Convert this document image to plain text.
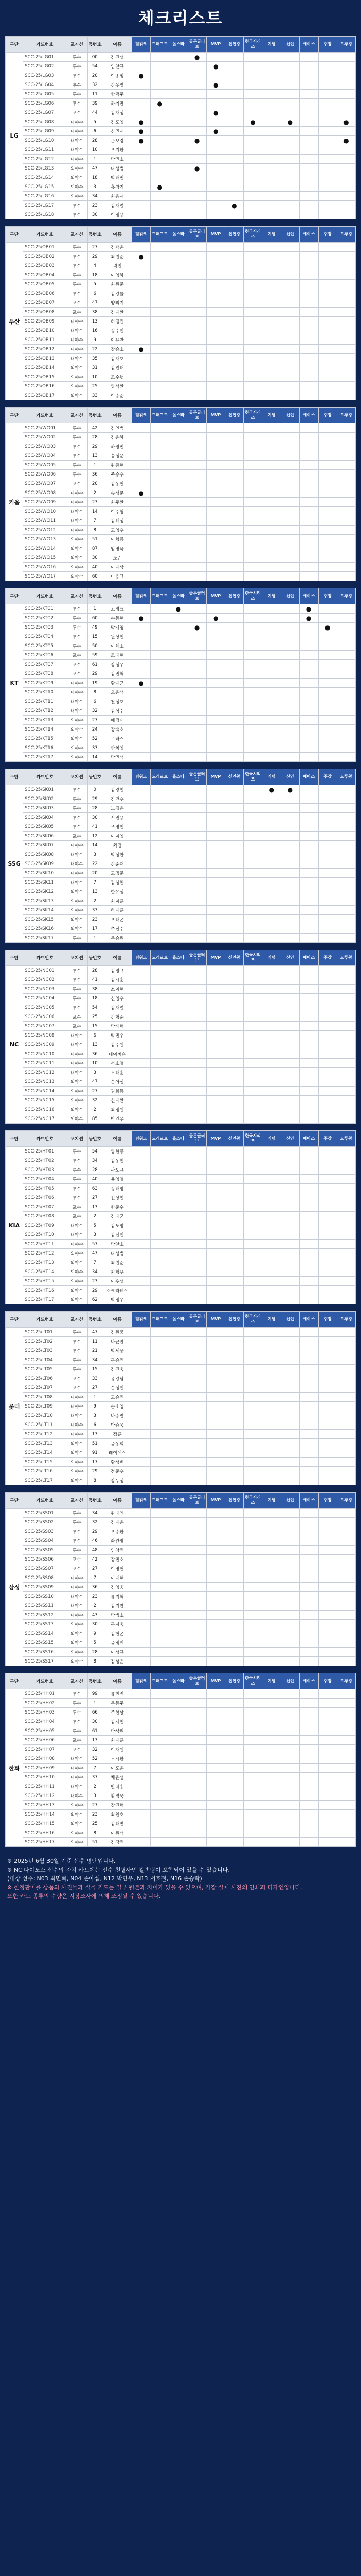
체크리스트
구단	카드번호	포지션	등번호	이름	팀워크	드래프트	올스타	골든글러브	MVP	신인왕	한국시리즈	기념	신인	에이스	주장	도루왕
LG	SCC-25/LG01	투수	00	김진성				●								
	SCC-25/LG02	투수	54	임찬규					●							
	SCC-25/LG03	투수	20	이종범	●											
	SCC-25/LG04	투수	32	정우영					●							
	SCC-25/LG05	투수	11	함덕주												
	SCC-25/LG06	투수	39	하지만		●										
	SCC-25/LG07	포수	44	김재성					●							
	SCC-25/LG08	내야수	5	김도영	●						●		●			●
	SCC-25/LG09	내야수	6	신민재	●				●							
	SCC-25/LG10	내야수	28	문보경	●			●								●
	SCC-25/LG11	내야수	10	오지환												
	SCC-25/LG12	내야수	1	박민호												
	SCC-25/LG13	외야수	47	나성범				●								
	SCC-25/LG14	외야수	18	박해민												
	SCC-25/LG15	외야수	3	홍창기		●										
	SCC-25/LG16	외야수	34	최용제												
	SCC-25/LG17	투수	23	김재열						●						
	SCC-25/LG18	투수	30	이정용												
구단	카드번호	포지션	등번호	이름	팀워크	드래프트	올스타	골든글러브	MVP	신인왕	한국시리즈	기념	신인	에이스	주장	도루왕
두산	SCC-25/OB01	투수	27	김택윤												
	SCC-25/OB02	투수	29	최원준	●											
	SCC-25/OB03	투수	4	곽빈												
	SCC-25/OB04	투수	18	이영하												
	SCC-25/OB05	투수	5	최원준												
	SCC-25/OB06	투수	6	김강률												
	SCC-25/OB07	포수	47	양의지												
	SCC-25/OB08	포수	38	김재환												
	SCC-25/OB09	내야수	13	허경민												
	SCC-25/OB10	내야수	16	정수빈												
	SCC-25/OB11	내야수	9	이유찬												
	SCC-25/OB12	내야수	22	강승호	●											
	SCC-25/OB13	내야수	35	김재호												
	SCC-25/OB14	외야수	31	김인태												
	SCC-25/OB15	외야수	10	조수행												
	SCC-25/OB16	외야수	25	양석환												
	SCC-25/OB17	외야수	33	이승준												
구단	카드번호	포지션	등번호	이름	팀워크	드래프트	올스타	골든글러브	MVP	신인왕	한국시리즈	기념	신인	에이스	주장	도루왕
키움	SCC-25/WO01	투수	42	김인범												
	SCC-25/WO02	투수	28	김윤하												
	SCC-25/WO03	투수	29	하영민												
	SCC-25/WO04	투수	13	송성문												
	SCC-25/WO05	투수	1	원종현												
	SCC-25/WO06	투수	36	주승우												
	SCC-25/WO07	포수	20	김동헌												
	SCC-25/WO08	내야수	2	송성문	●											
	SCC-25/WO09	내야수	23	최주환												
	SCC-25/WO10	내야수	14	이주형												
	SCC-25/WO11	내야수	7	김혜성												
	SCC-25/WO12	내야수	8	고영우												
	SCC-25/WO13	외야수	51	이형종												
	SCC-25/WO14	외야수	87	임병욱												
	SCC-25/WO15	외야수	30	도슨												
	SCC-25/WO16	외야수	40	이재상												
	SCC-25/WO17	외야수	60	이용규												
구단	카드번호	포지션	등번호	이름	팀워크	드래프트	올스타	골든글러브	MVP	신인왕	한국시리즈	기념	신인	에이스	주장	도루왕
KT	SCC-25/KT01	투수	1	고영표			●							●		
	SCC-25/KT02	투수	60	손동현	●				●					●		
	SCC-25/KT03	투수	49	박시영				●							●	
	SCC-25/KT04	투수	15	원상현												
	SCC-25/KT05	투수	50	이채호												
	SCC-25/KT06	포수	59	조대현												
	SCC-25/KT07	포수	61	장성우												
	SCC-25/KT08	포수	29	김민혁												
	SCC-25/KT09	내야수	19	황재균	●											
	SCC-25/KT10	내야수	8	오윤석												
	SCC-25/KT11	내야수	6	천성호												
	SCC-25/KT12	내야수	32	김상수												
	SCC-25/KT13	외야수	27	배정대												
	SCC-25/KT14	외야수	24	강백호												
	SCC-25/KT15	외야수	52	로하스												
	SCC-25/KT16	외야수	33	안치영												
	SCC-25/KT17	외야수	14	박민석												
구단	카드번호	포지션	등번호	이름	팀워크	드래프트	올스타	골든글러브	MVP	신인왕	한국시리즈	기념	신인	에이스	주장	도루왕
SSG	SCC-25/SK01	투수	0	김광현								●	●			
	SCC-25/SK02	투수	29	김건우												
	SCC-25/SK03	투수	28	노경은												
	SCC-25/SK04	투수	30	서진용												
	SCC-25/SK05	투수	41	조병현												
	SCC-25/SK06	포수	12	이지영												
	SCC-25/SK07	내야수	14	최정												
	SCC-25/SK08	내야수	3	박성한												
	SCC-25/SK09	내야수	22	정준재												
	SCC-25/SK10	내야수	20	고명준												
	SCC-25/SK11	내야수	7	김성현												
	SCC-25/SK12	외야수	13	한유섬												
	SCC-25/SK13	외야수	2	최지훈												
	SCC-25/SK14	외야수	33	하재훈												
	SCC-25/SK15	외야수	23	오태곤												
	SCC-25/SK16	외야수	17	추신수												
	SCC-25/SK17	투수	1	문승원												
구단	카드번호	포지션	등번호	이름	팀워크	드래프트	올스타	골든글러브	MVP	신인왕	한국시리즈	기념	신인	에이스	주장	도루왕
NC	SCC-25/NC01	투수	28	김영규												
	SCC-25/NC02	투수	41	김시훈												
	SCC-25/NC03	투수	38	소이현												
	SCC-25/NC04	투수	18	신영우												
	SCC-25/NC05	투수	54	김재열												
	SCC-25/NC06	포수	25	김형준												
	SCC-25/NC07	포수	15	박세혁												
	SCC-25/NC08	내야수	6	박민우												
	SCC-25/NC09	내야수	13	김주원												
	SCC-25/NC10	내야수	36	데이비슨												
	SCC-25/NC11	내야수	10	서호철												
	SCC-25/NC12	내야수	3	도태훈												
	SCC-25/NC13	외야수	47	손아섭												
	SCC-25/NC14	외야수	27	권희동												
	SCC-25/NC15	외야수	32	천재환												
	SCC-25/NC16	외야수	2	최정원												
	SCC-25/NC17	외야수	85	박건우												
구단	카드번호	포지션	등번호	이름	팀워크	드래프트	올스타	골든글러브	MVP	신인왕	한국시리즈	기념	신인	에이스	주장	도루왕
KIA	SCC-25/HT01	투수	54	양현종												
	SCC-25/HT02	투수	34	김동현												
	SCC-25/HT03	투수	28	곽도규												
	SCC-25/HT04	투수	40	윤영철												
	SCC-25/HT05	투수	63	정해영												
	SCC-25/HT06	투수	27	전상현												
	SCC-25/HT07	포수	13	한준수												
	SCC-25/HT08	포수	2	김태군												
	SCC-25/HT09	내야수	5	김도영												
	SCC-25/HT10	내야수	3	김선빈												
	SCC-25/HT11	내야수	57	박찬호												
	SCC-25/HT12	외야수	47	나성범												
	SCC-25/HT13	외야수	7	최원준												
	SCC-25/HT14	외야수	34	최형우												
	SCC-25/HT15	외야수	23	이우성												
	SCC-25/HT16	외야수	29	소크라테스												
	SCC-25/HT17	외야수	62	박정우												
구단	카드번호	포지션	등번호	이름	팀워크	드래프트	올스타	골든글러브	MVP	신인왕	한국시리즈	기념	신인	에이스	주장	도루왕
롯데	SCC-25/LT01	투수	47	김원중												
	SCC-25/LT02	투수	11	나균안												
	SCC-25/LT03	투수	21	박세웅												
	SCC-25/LT04	투수	34	구승민												
	SCC-25/LT05	투수	15	김진욱												
	SCC-25/LT06	포수	33	유강남												
	SCC-25/LT07	포수	27	손성빈												
	SCC-25/LT08	내야수	1	고승민												
	SCC-25/LT09	내야수	9	손호영												
	SCC-25/LT10	내야수	3	나승엽												
	SCC-25/LT11	내야수	6	박승욱												
	SCC-25/LT12	내야수	13	정훈												
	SCC-25/LT13	외야수	51	윤동희												
	SCC-25/LT14	외야수	91	레이예스												
	SCC-25/LT15	외야수	17	황성빈												
	SCC-25/LT16	외야수	29	전준우												
	SCC-25/LT17	외야수	8	장두성												
구단	카드번호	포지션	등번호	이름	팀워크	드래프트	올스타	골든글러브	MVP	신인왕	한국시리즈	기념	신인	에이스	주장	도루왕
삼성	SCC-25/SS01	투수	34	원태인												
	SCC-25/SS02	투수	32	김재윤												
	SCC-25/SS03	투수	29	오승환												
	SCC-25/SS04	투수	46	좌완영												
	SCC-25/SS05	투수	48	임창민												
	SCC-25/SS06	포수	42	강민호												
	SCC-25/SS07	포수	27	이병헌												
	SCC-25/SS08	내야수	7	이재현												
	SCC-25/SS09	내야수	36	김영웅												
	SCC-25/SS10	내야수	23	류지혁												
	SCC-25/SS11	내야수	2	김지찬												
	SCC-25/SS12	내야수	43	박병호												
	SCC-25/SS13	외야수	30	구자욱												
	SCC-25/SS14	외야수	9	김헌곤												
	SCC-25/SS15	외야수	5	윤정빈												
	SCC-25/SS16	외야수	28	이성규												
	SCC-25/SS17	외야수	8	김성윤												
구단	카드번호	포지션	등번호	이름	팀워크	드래프트	올스타	골든글러브	MVP	신인왕	한국시리즈	기념	신인	에이스	주장	도루왕
한화	SCC-25/HH01	투수	99	류현진												
	SCC-25/HH02	투수	1	문동주												
	SCC-25/HH03	투수	66	주현상												
	SCC-25/HH04	투수	30	김서현												
	SCC-25/HH05	투수	61	박상원												
	SCC-25/HH06	포수	13	최재훈												
	SCC-25/HH07	포수	32	이재원												
	SCC-25/HH08	내야수	52	노시환												
	SCC-25/HH09	내야수	7	이도윤												
	SCC-25/HH10	내야수	37	채은성												
	SCC-25/HH11	내야수	2	안치홍												
	SCC-25/HH12	내야수	3	황영묵												
	SCC-25/HH13	외야수	27	장진혁												
	SCC-25/HH14	외야수	23	최인호												
	SCC-25/HH15	외야수	25	김태연												
	SCC-25/HH16	외야수	8	이원석												
	SCC-25/HH17	외야수	51	김강민												
※ 2025년 6월 30일 기준 선수 명단입니다.
※ NC 다이노스 선수의 자치 카드에는 선수 친필사인 컬렉팅이 포함되어 있을 수 있습니다.
(대상 선수: N03 최민혁, N04 손아섭, N12 박민우, N13 서호철, N16 손승락)
※ 한정판매를 상품의 사진들과 실물 카드는 일부 원본과 차이가 있을 수 있으며, 가장 실제 사진의 인쇄과 디자인입니다.
또한 카드 종류의 수량은 시장조사에 의해 조정될 수 있습니다.
